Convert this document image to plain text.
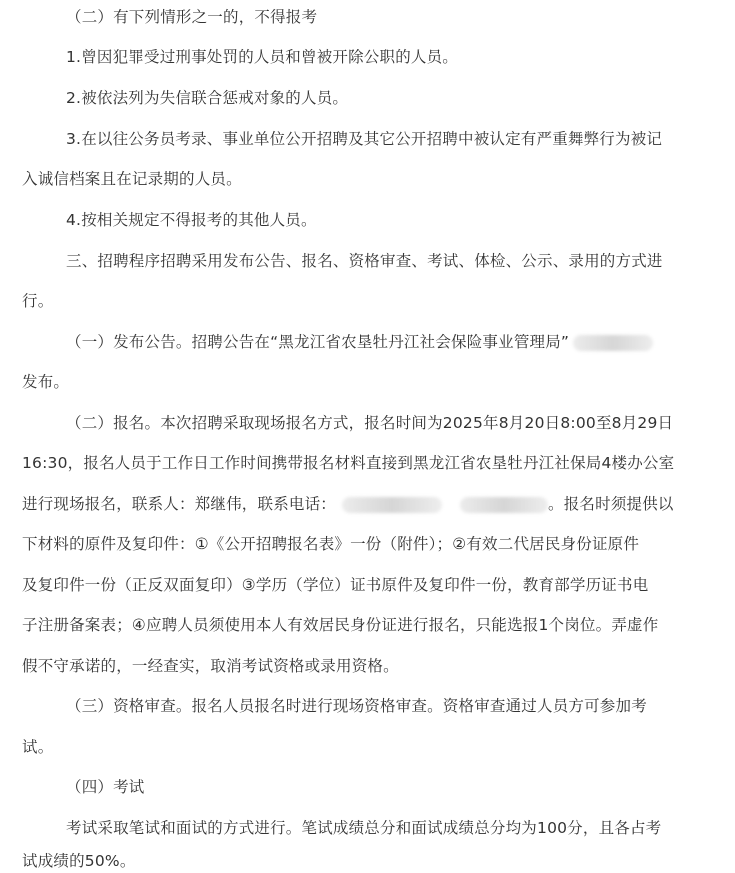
（二）有下列情形之一的，不得报考
1.曾因犯罪受过刑事处罚的人员和曾被开除公职的人员。
2.被依法列为失信联合惩戒对象的人员。
3.在以往公务员考录、事业单位公开招聘及其它公开招聘中被认定有严重舞弊行为被记
入诚信档案且在记录期的人员。
4.按相关规定不得报考的其他人员。
三、招聘程序招聘采用发布公告、报名、资格审查、考试、体检、公示、录用的方式进
行。
（一）发布公告。招聘公告在“黑龙江省农垦牡丹江社会保险事业管理局”
发布。
（二）报名。本次招聘采取现场报名方式，报名时间为2025年8月20日8:00至8月29日
16:30，报名人员于工作日工作时间携带报名材料直接到黑龙江省农垦牡丹江社保局4楼办公室
进行现场报名，联系人：郑继伟，联系电话：	。报名时须提供以
下材料的原件及复印件：①《公开招聘报名表》一份（附件）；②有效二代居民身份证原件
及复印件一份（正反双面复印）③学历（学位）证书原件及复印件一份，教育部学历证书电
子注册备案表；④应聘人员须使用本人有效居民身份证进行报名，只能选报1个岗位。弄虚作
假不守承诺的，一经查实，取消考试资格或录用资格。
（三）资格审查。报名人员报名时进行现场资格审查。资格审查通过人员方可参加考
试。
（四）考试
考试采取笔试和面试的方式进行。笔试成绩总分和面试成绩总分均为100分，且各占考
试成绩的50%。
